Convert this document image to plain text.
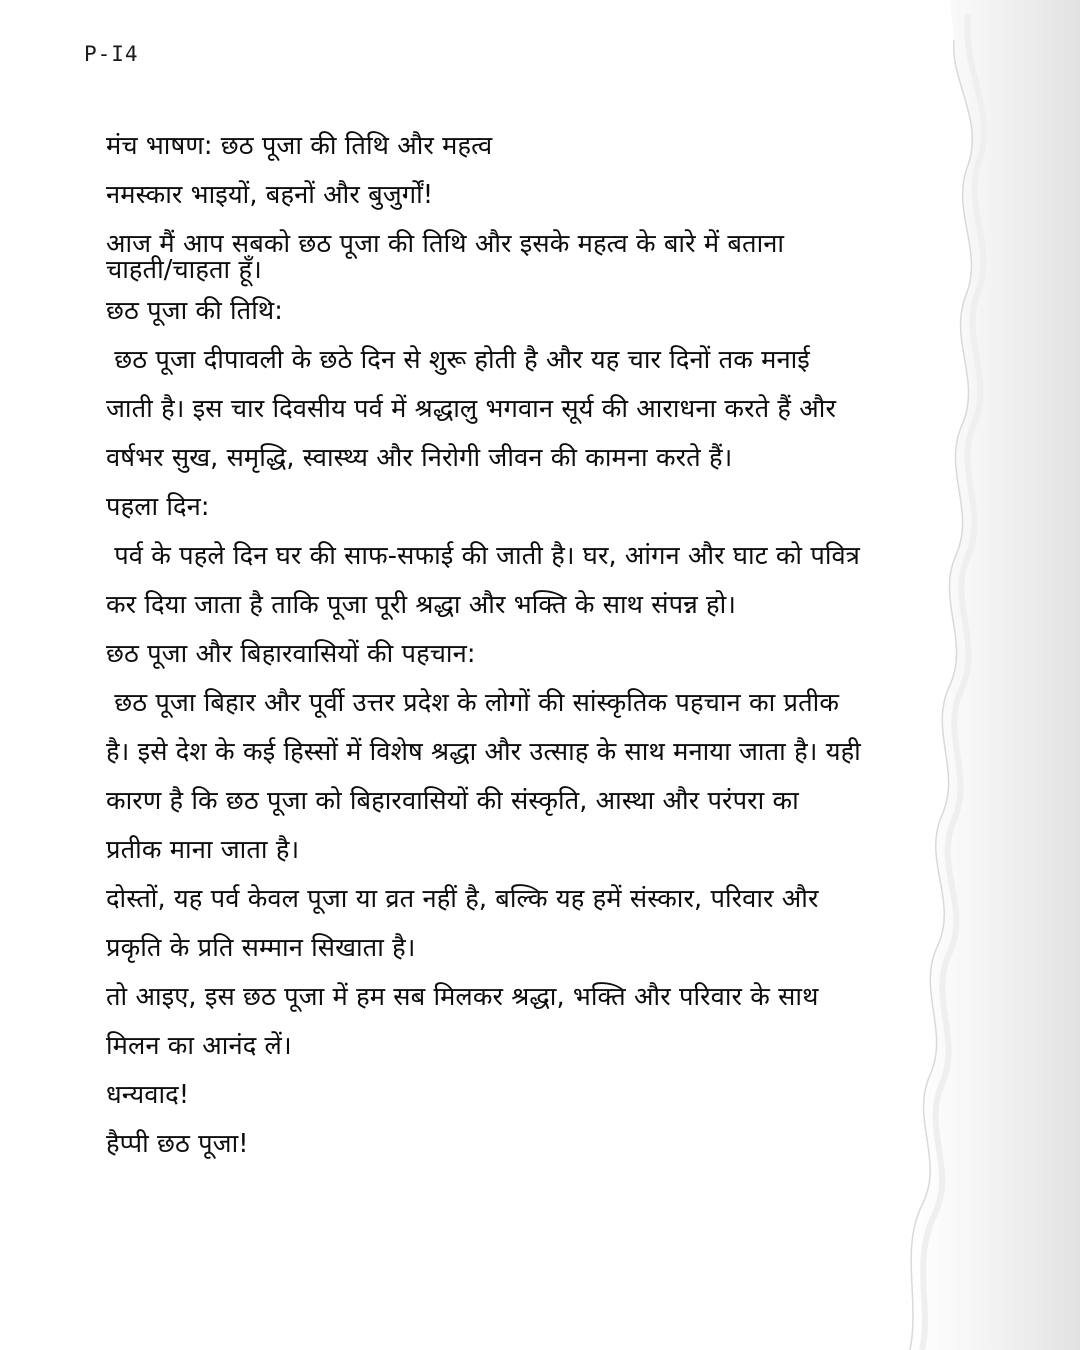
P-I4
मंच भाषण: छठ पूजा की तिथि और महत्व
नमस्कार भाइयों, बहनों और बुजुर्गों!
आज मैं आप सबको छठ पूजा की तिथि और इसके महत्व के बारे में बताना
चाहती/चाहता हूँ।
छठ पूजा की तिथि:
छठ पूजा दीपावली के छठे दिन से शुरू होती है और यह चार दिनों तक मनाई
जाती है। इस चार दिवसीय पर्व में श्रद्धालु भगवान सूर्य की आराधना करते हैं और
वर्षभर सुख, समृद्धि, स्वास्थ्य और निरोगी जीवन की कामना करते हैं।
पहला दिन:
पर्व के पहले दिन घर की साफ-सफाई की जाती है। घर, आंगन और घाट को पवित्र
कर दिया जाता है ताकि पूजा पूरी श्रद्धा और भक्ति के साथ संपन्न हो।
छठ पूजा और बिहारवासियों की पहचान:
छठ पूजा बिहार और पूर्वी उत्तर प्रदेश के लोगों की सांस्कृतिक पहचान का प्रतीक
है। इसे देश के कई हिस्सों में विशेष श्रद्धा और उत्साह के साथ मनाया जाता है। यही
कारण है कि छठ पूजा को बिहारवासियों की संस्कृति, आस्था और परंपरा का
प्रतीक माना जाता है।
दोस्तों, यह पर्व केवल पूजा या व्रत नहीं है, बल्कि यह हमें संस्कार, परिवार और
प्रकृति के प्रति सम्मान सिखाता है।
तो आइए, इस छठ पूजा में हम सब मिलकर श्रद्धा, भक्ति और परिवार के साथ
मिलन का आनंद लें।
धन्यवाद!
हैप्पी छठ पूजा!
